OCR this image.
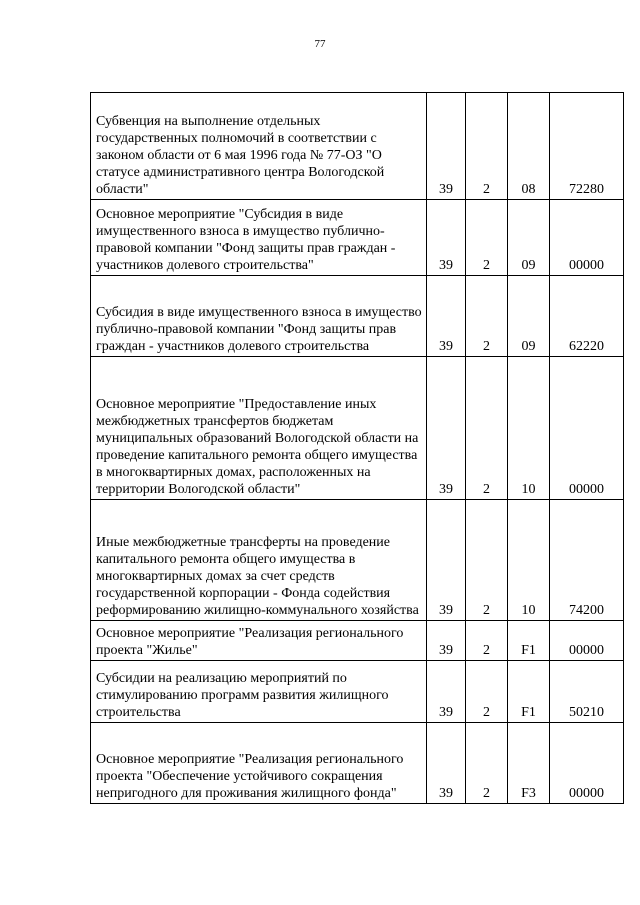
77
Субвенция на выполнение отдельных государственных полномочий в соответствии с законом области от 6 мая 1996 года № 77-ОЗ "О статусе административного центра Вологодской области"	39	2	08	72280
Основное мероприятие "Субсидия в виде имущественного взноса в имущество публично-правовой компании "Фонд защиты прав граждан - участников долевого строительства"	39	2	09	00000
Субсидия в виде имущественного взноса в имущество публично-правовой компании "Фонд защиты прав граждан - участников долевого строительства	39	2	09	62220
Основное мероприятие "Предоставление иных межбюджетных трансфертов бюджетам муниципальных образований Вологодской области на проведение капитального ремонта общего имущества в многоквартирных домах, расположенных на территории Вологодской области"	39	2	10	00000
Иные межбюджетные трансферты на проведение капитального ремонта общего имущества в многоквартирных домах за счет средств государственной корпорации - Фонда содействия реформированию жилищно-коммунального хозяйства	39	2	10	74200
Основное мероприятие "Реализация регионального проекта "Жилье"	39	2	F1	00000
Субсидии на реализацию мероприятий по стимулированию программ развития жилищного строительства	39	2	F1	50210
Основное мероприятие "Реализация регионального проекта "Обеспечение устойчивого сокращения непригодного для проживания жилищного фонда"	39	2	F3	00000
